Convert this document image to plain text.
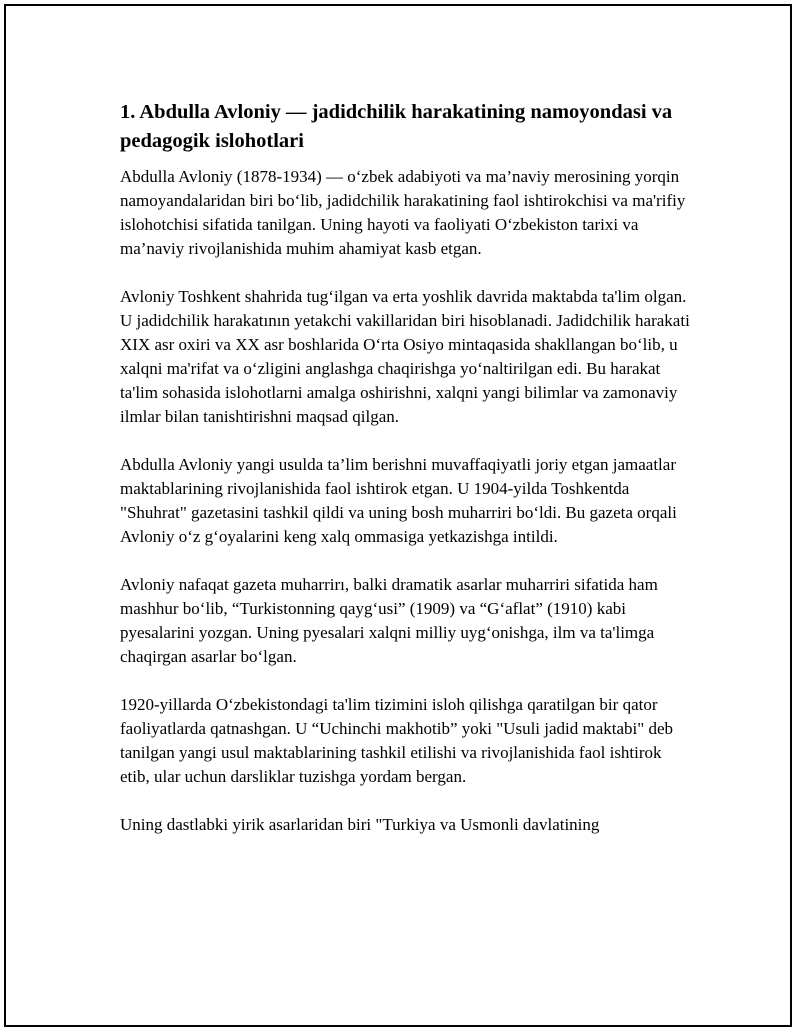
1. Abdulla Avloniy — jadidchilik harakatining namoyondasi va pedagogik islohotlari

Abdulla Avloniy (1878-1934) — o‘zbek adabiyoti va ma’naviy merosining yorqin namoyandalaridan biri bo‘lib, jadidchilik harakatining faol ishtirokchisi va ma'rifiy islohotchisi sifatida tanilgan. Uning hayoti va faoliyati O‘zbekiston tarixi va ma’naviy rivojlanishida muhim ahamiyat kasb etgan.

Avloniy Toshkent shahrida tug‘ilgan va erta yoshlik davrida maktabda ta'lim olgan. U jadidchilik harakatının yetakchi vakillaridan biri hisoblanadi. Jadidchilik harakati XIX asr oxiri va XX asr boshlarida O‘rta Osiyo mintaqasida shakllangan bo‘lib, u xalqni ma'rifat va o‘zligini anglashga chaqirishga yo‘naltirilgan edi. Bu harakat ta'lim sohasida islohotlarni amalga oshirishni, xalqni yangi bilimlar va zamonaviy ilmlar bilan tanishtirishni maqsad qilgan.

Abdulla Avloniy yangi usulda ta’lim berishni muvaffaqiyatli joriy etgan jamaatlar maktablarining rivojlanishida faol ishtirok etgan. U 1904-yilda Toshkentda "Shuhrat" gazetasini tashkil qildi va uning bosh muharriri bo‘ldi. Bu gazeta orqali Avloniy o‘z g‘oyalarini keng xalq ommasiga yetkazishga intildi.

Avloniy nafaqat gazeta muharrirı, balki dramatik asarlar muharriri sifatida ham mashhur bo‘lib, “Turkistonning qayg‘usi” (1909) va “G‘aflat” (1910) kabi pyesalarini yozgan. Uning pyesalari xalqni milliy uyg‘onishga, ilm va ta'limga chaqirgan asarlar bo‘lgan.

1920-yillarda O‘zbekistondagi ta'lim tizimini isloh qilishga qaratilgan bir qator faoliyatlarda qatnashgan. U “Uchinchi makhotib” yoki "Usuli jadid maktabi" deb tanilgan yangi usul maktablarining tashkil etilishi va rivojlanishida faol ishtirok etib, ular uchun darsliklar tuzishga yordam bergan.

Uning dastlabki yirik asarlaridan biri "Turkiya va Usmonli davlatining
